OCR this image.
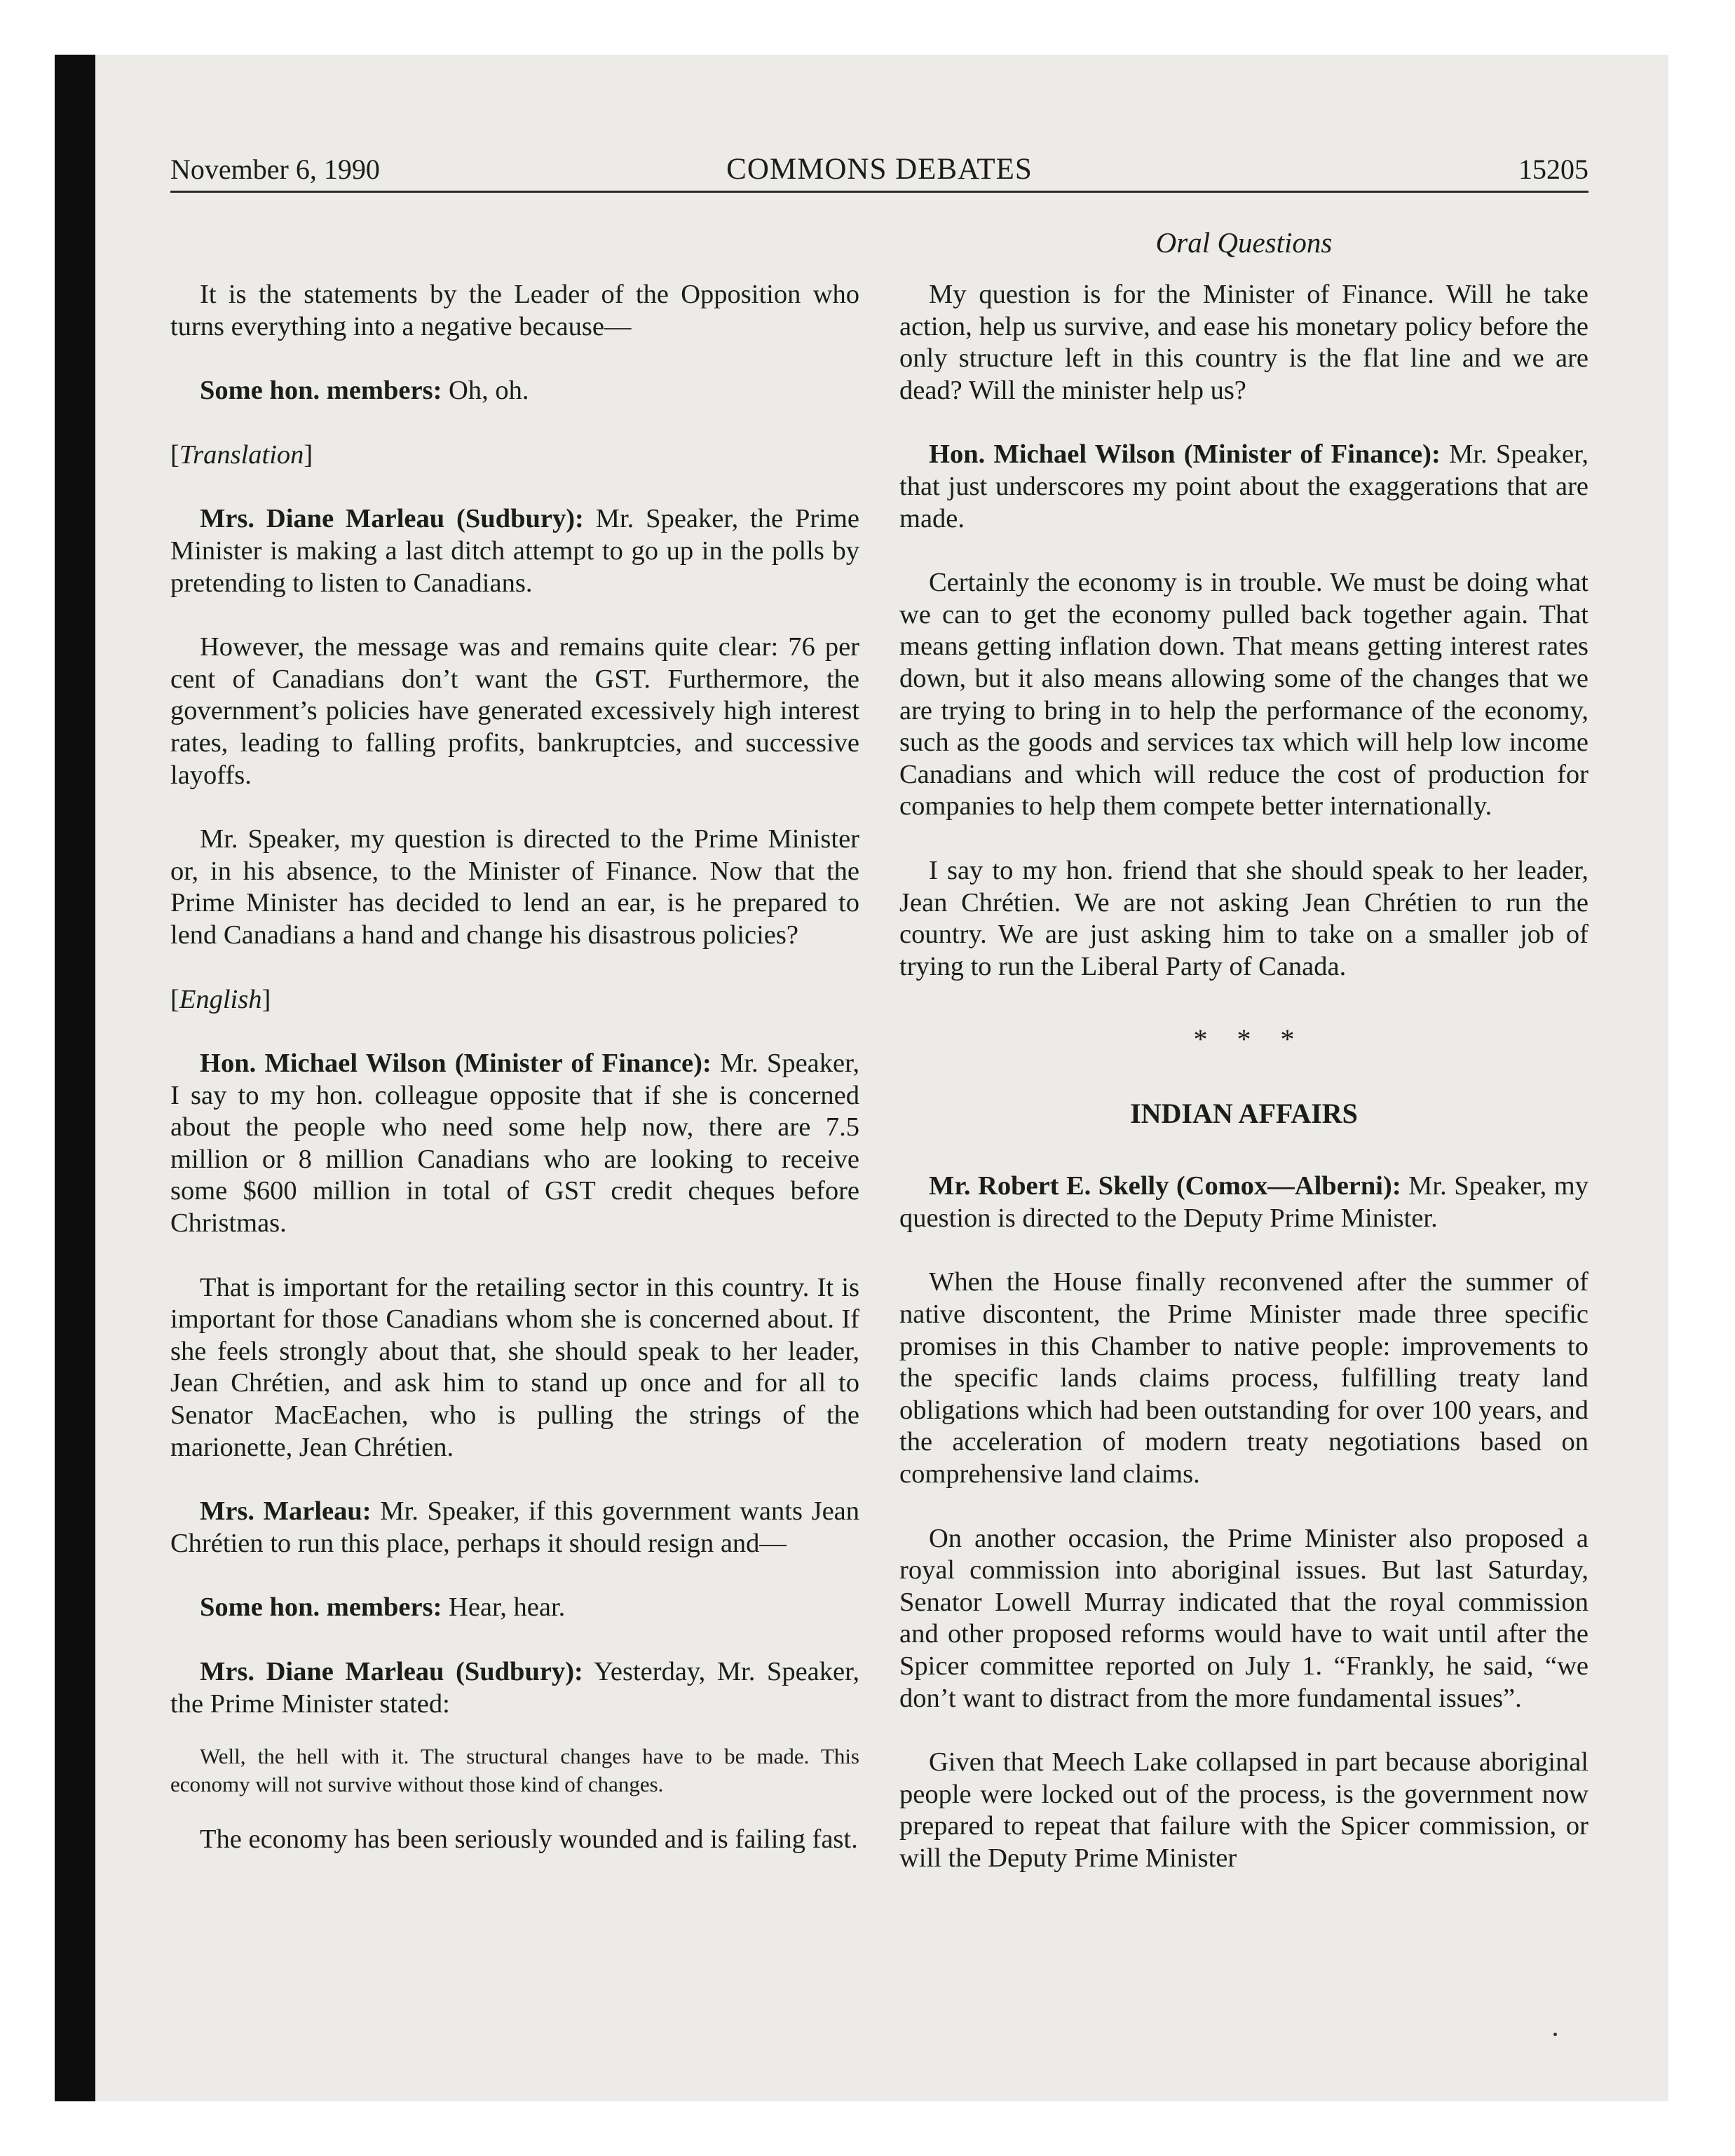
November 6, 1990	COMMONS DEBATES	15205
Oral Questions

It is the statements by the Leader of the Opposition who turns everything into a negative because—

Some hon. members: Oh, oh.

[Translation]

Mrs. Diane Marleau (Sudbury): Mr. Speaker, the Prime Minister is making a last ditch attempt to go up in the polls by pretending to listen to Canadians.

However, the message was and remains quite clear: 76 per cent of Canadians don’t want the GST. Furthermore, the government’s policies have generated excessively high interest rates, leading to falling profits, bankruptcies, and successive layoffs.

Mr. Speaker, my question is directed to the Prime Minister or, in his absence, to the Minister of Finance. Now that the Prime Minister has decided to lend an ear, is he prepared to lend Canadians a hand and change his disastrous policies?

[English]

Hon. Michael Wilson (Minister of Finance): Mr. Speaker, I say to my hon. colleague opposite that if she is concerned about the people who need some help now, there are 7.5 million or 8 million Canadians who are looking to receive some $600 million in total of GST credit cheques before Christmas.

That is important for the retailing sector in this country. It is important for those Canadians whom she is concerned about. If she feels strongly about that, she should speak to her leader, Jean Chrétien, and ask him to stand up once and for all to Senator MacEachen, who is pulling the strings of the marionette, Jean Chrétien.

Mrs. Marleau: Mr. Speaker, if this government wants Jean Chrétien to run this place, perhaps it should resign and—

Some hon. members: Hear, hear.

Mrs. Diane Marleau (Sudbury): Yesterday, Mr. Speaker, the Prime Minister stated:

Well, the hell with it. The structural changes have to be made. This economy will not survive without those kind of changes.

The economy has been seriously wounded and is failing fast.

My question is for the Minister of Finance. Will he take action, help us survive, and ease his monetary policy before the only structure left in this country is the flat line and we are dead? Will the minister help us?

Hon. Michael Wilson (Minister of Finance): Mr. Speaker, that just underscores my point about the exaggerations that are made.

Certainly the economy is in trouble. We must be doing what we can to get the economy pulled back together again. That means getting inflation down. That means getting interest rates down, but it also means allowing some of the changes that we are trying to bring in to help the performance of the economy, such as the goods and services tax which will help low income Canadians and which will reduce the cost of production for companies to help them compete better internationally.

I say to my hon. friend that she should speak to her leader, Jean Chrétien. We are not asking Jean Chrétien to run the country. We are just asking him to take on a smaller job of trying to run the Liberal Party of Canada.

* * *
INDIAN AFFAIRS

Mr. Robert E. Skelly (Comox—Alberni): Mr. Speaker, my question is directed to the Deputy Prime Minister.

When the House finally reconvened after the summer of native discontent, the Prime Minister made three specific promises in this Chamber to native people: improvements to the specific lands claims process, fulfilling treaty land obligations which had been outstanding for over 100 years, and the acceleration of modern treaty negotiations based on comprehensive land claims.

On another occasion, the Prime Minister also proposed a royal commission into aboriginal issues. But last Saturday, Senator Lowell Murray indicated that the royal commission and other proposed reforms would have to wait until after the Spicer committee reported on July 1. “Frankly, he said, “we don’t want to distract from the more fundamental issues”.

Given that Meech Lake collapsed in part because aboriginal people were locked out of the process, is the government now prepared to repeat that failure with the Spicer commission, or will the Deputy Prime Minister
